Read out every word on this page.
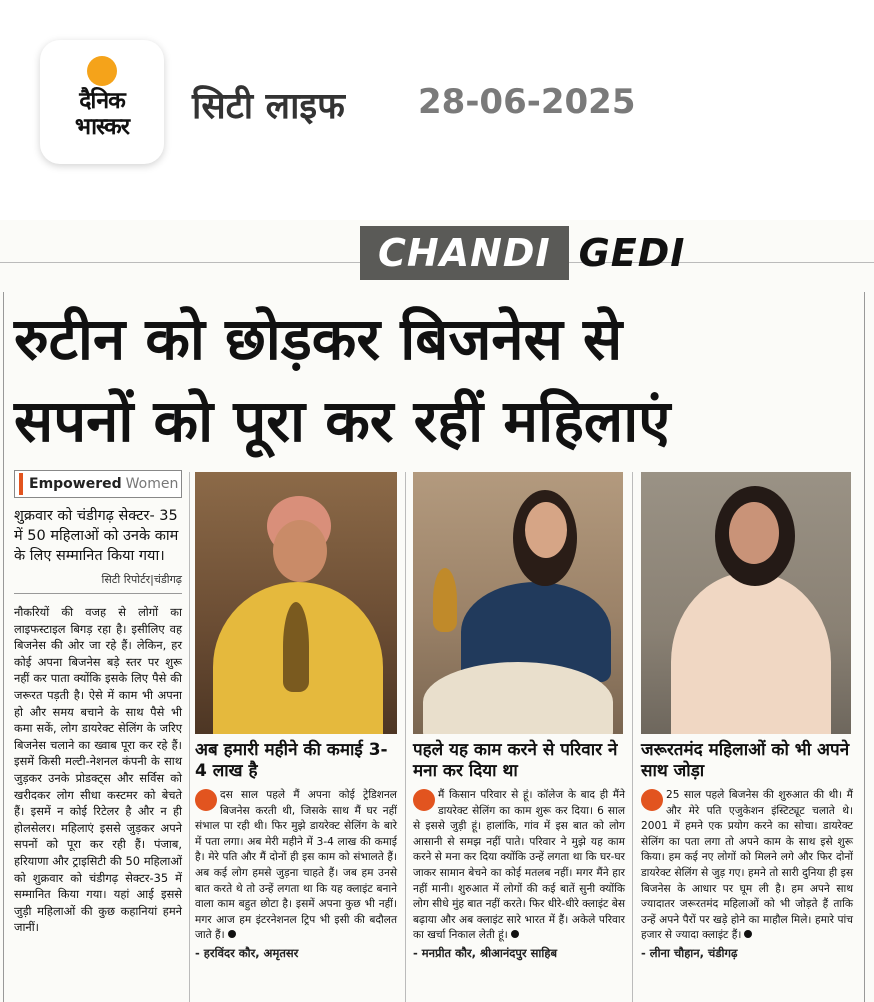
दैनिक
भास्कर	सिटी लाइफ 28-06-2025
CHANDI GEDI
रुटीन को छोड़कर बिजनेस से
सपनों को पूरा कर रहीं महिलाएं
Empowered Women
शुक्रवार को चंडीगढ़ सेक्टर- 35 में 50 महिलाओं को उनके काम के लिए सम्मानित किया गया।
सिटी रिपोर्टर|चंडीगढ़
नौकरियों की वजह से लोगों का लाइफस्टाइल बिगड़ रहा है। इसीलिए वह बिजनेस की ओर जा रहे हैं। लेकिन, हर कोई अपना बिजनेस बड़े स्तर पर शुरू नहीं कर पाता क्योंकि इसके लिए पैसे की जरूरत पड़ती है। ऐसे में काम भी अपना हो और समय बचाने के साथ पैसे भी कमा सकें, लोग डायरेक्ट सेलिंग के जरिए बिजनेस चलाने का ख्वाब पूरा कर रहे हैं। इसमें किसी मल्टी-नेशनल कंपनी के साथ जुड़कर उनके प्रोडक्ट्स और सर्विस को खरीदकर लोग सीधा कस्टमर को बेचते हैं। इसमें न कोई रिटेलर है और न ही होलसेलर। महिलाएं इससे जुड़कर अपने सपनों को पूरा कर रही हैं। पंजाब, हरियाणा और ट्राइसिटी की 50 महिलाओं को शुक्रवार को चंडीगढ़ सेक्टर-35 में सम्मानित किया गया। यहां आई इससे जुड़ी महिलाओं की कुछ कहानियां हमने जानीं।
अब हमारी महीने की कमाई 3-4 लाख है
दस साल पहले मैं अपना कोई ट्रेडिशनल बिजनेस करती थी, जिसके साथ मैं घर नहीं संभाल पा रही थी। फिर मुझे डायरेक्ट सेलिंग के बारे में पता लगा। अब मेरी महीने में 3-4 लाख की कमाई है। मेरे पति और मैं दोनों ही इस काम को संभालते हैं। अब कई लोग हमसे जुड़ना चाहते हैं। जब हम उनसे बात करते थे तो उन्हें लगता था कि यह क्लाइंट बनाने वाला काम बहुत छोटा है। इसमें अपना कुछ भी नहीं। मगर आज हम इंटरनेशनल ट्रिप भी इसी की बदौलत जाते हैं।
- हरविंदर कौर, अमृतसर
पहले यह काम करने से परिवार ने मना कर दिया था
मैं किसान परिवार से हूं। कॉलेज के बाद ही मैंने डायरेक्ट सेलिंग का काम शुरू कर दिया। 6 साल से इससे जुड़ी हूं। हालांकि, गांव में इस बात को लोग आसानी से समझ नहीं पाते। परिवार ने मुझे यह काम करने से मना कर दिया क्योंकि उन्हें लगता था कि घर-घर जाकर सामान बेचने का कोई मतलब नहीं। मगर मैंने हार नहीं मानी। शुरुआत में लोगों की कई बातें सुनी क्योंकि लोग सीधे मुंह बात नहीं करते। फिर धीरे-धीरे क्लाइंट बेस बढ़ाया और अब क्लाइंट सारे भारत में हैं। अकेले परिवार का खर्चा निकाल लेती हूं।
- मनप्रीत कौर, श्रीआनंदपुर साहिब
जरूरतमंद महिलाओं को भी अपने साथ जोड़ा
25 साल पहले बिजनेस की शुरुआत की थी। मैं और मेरे पति एजुकेशन इंस्टिट्यूट चलाते थे। 2001 में हमने एक प्रयोग करने का सोचा। डायरेक्ट सेलिंग का पता लगा तो अपने काम के साथ इसे शुरू किया। हम कई नए लोगों को मिलने लगे और फिर दोनों डायरेक्ट सेलिंग से जुड़ गए। हमने तो सारी दुनिया ही इस बिजनेस के आधार पर घूम ली है। हम अपने साथ ज्यादातर जरूरतमंद महिलाओं को भी जोड़ते हैं ताकि उन्हें अपने पैरों पर खड़े होने का माहौल मिले। हमारे पांच हजार से ज्यादा क्लाइंट हैं।
- लीना चौहान, चंडीगढ़
